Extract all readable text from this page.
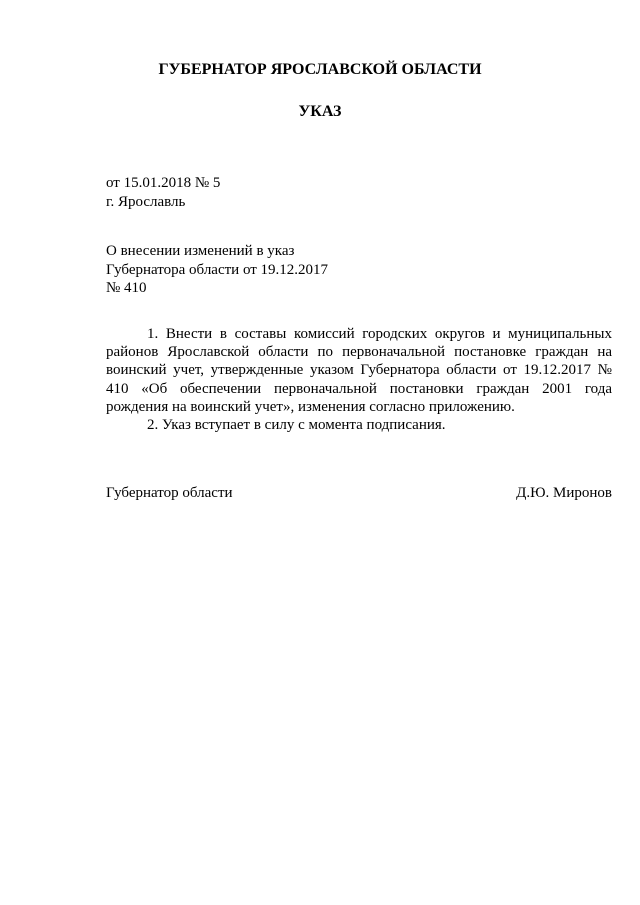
ГУБЕРНАТОР ЯРОСЛАВСКОЙ ОБЛАСТИ
УКАЗ

от 15.01.2018 № 5

г. Ярославль

О внесении изменений в указ
Губернатора области от 19.12.2017
№ 410

1. Внести в составы комиссий городских округов и муниципальных районов Ярославской области по первоначальной постановке граждан на воинский учет, утвержденные указом Губернатора области от 19.12.2017 № 410 «Об обеспечении первоначальной постановки граждан 2001 года рождения на воинский учет», изменения согласно приложению.

2. Указ вступает в силу с момента подписания.

Губернатор области	Д.Ю. Миронов
